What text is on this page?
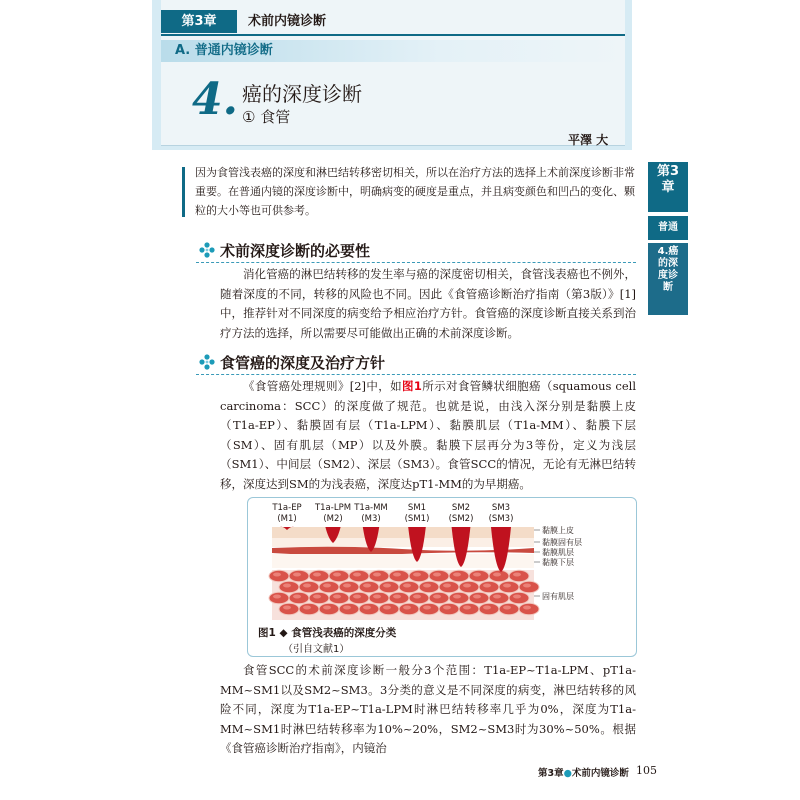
第3章	术前内镜诊断
A. 普通内镜诊断
4. 癌的深度诊断
① 食管
平澤 大
第3
章
普通
4.癌
的深
度诊
断
因为食管浅表癌的深度和淋巴结转移密切相关，所以在治疗方法的选择上术前深度诊断非常重要。在普通内镜的深度诊断中，明确病变的硬度是重点，并且病变颜色和凹凸的变化、颗粒的大小等也可供参考。
术前深度诊断的必要性
消化管癌的淋巴结转移的发生率与癌的深度密切相关，食管浅表癌也不例外，随着深度的不同，转移的风险也不同。因此《食管癌诊断治疗指南（第3版）》[1]中，推荐针对不同深度的病变给予相应治疗方针。食管癌的深度诊断直接关系到治疗方法的选择，所以需要尽可能做出正确的术前深度诊断。
食管癌的深度及治疗方针
《食管癌处理规则》[2]中，如图1所示对食管鳞状细胞癌（squamous cell carcinoma：SCC）的深度做了规范。也就是说，由浅入深分别是黏膜上皮（T1a-EP）、黏膜固有层（T1a-LPM）、黏膜肌层（T1a-MM）、黏膜下层（SM）、固有肌层（MP）以及外膜。黏膜下层再分为3等份，定义为浅层（SM1）、中间层（SM2）、深层（SM3）。食管SCC的情况，无论有无淋巴结转移，深度达到SM的为浅表癌，深度达pT1-MM的为早期癌。
T1a-EP
(M1)
T1a-LPM
(M2)
T1a-MM
(M3)
SM1
(SM1)
SM2
(SM2)
SM3
(SM3)
黏膜上皮
黏膜固有层
黏膜肌层
黏膜下层
固有肌层
图1 ◆ 食管浅表癌的深度分类
（引自文献1）
食管SCC的术前深度诊断一般分3个范围：T1a-EP~T1a-LPM、pT1a-MM~SM1以及SM2~SM3。3分类的意义是不同深度的病变，淋巴结转移的风险不同，深度为T1a-EP~T1a-LPM时淋巴结转移率几乎为0%，深度为T1a-MM~SM1时淋巴结转移率为10%~20%，SM2~SM3时为30%~50%。根据《食管癌诊断治疗指南》，内镜治
第3章●术前内镜诊断 105
